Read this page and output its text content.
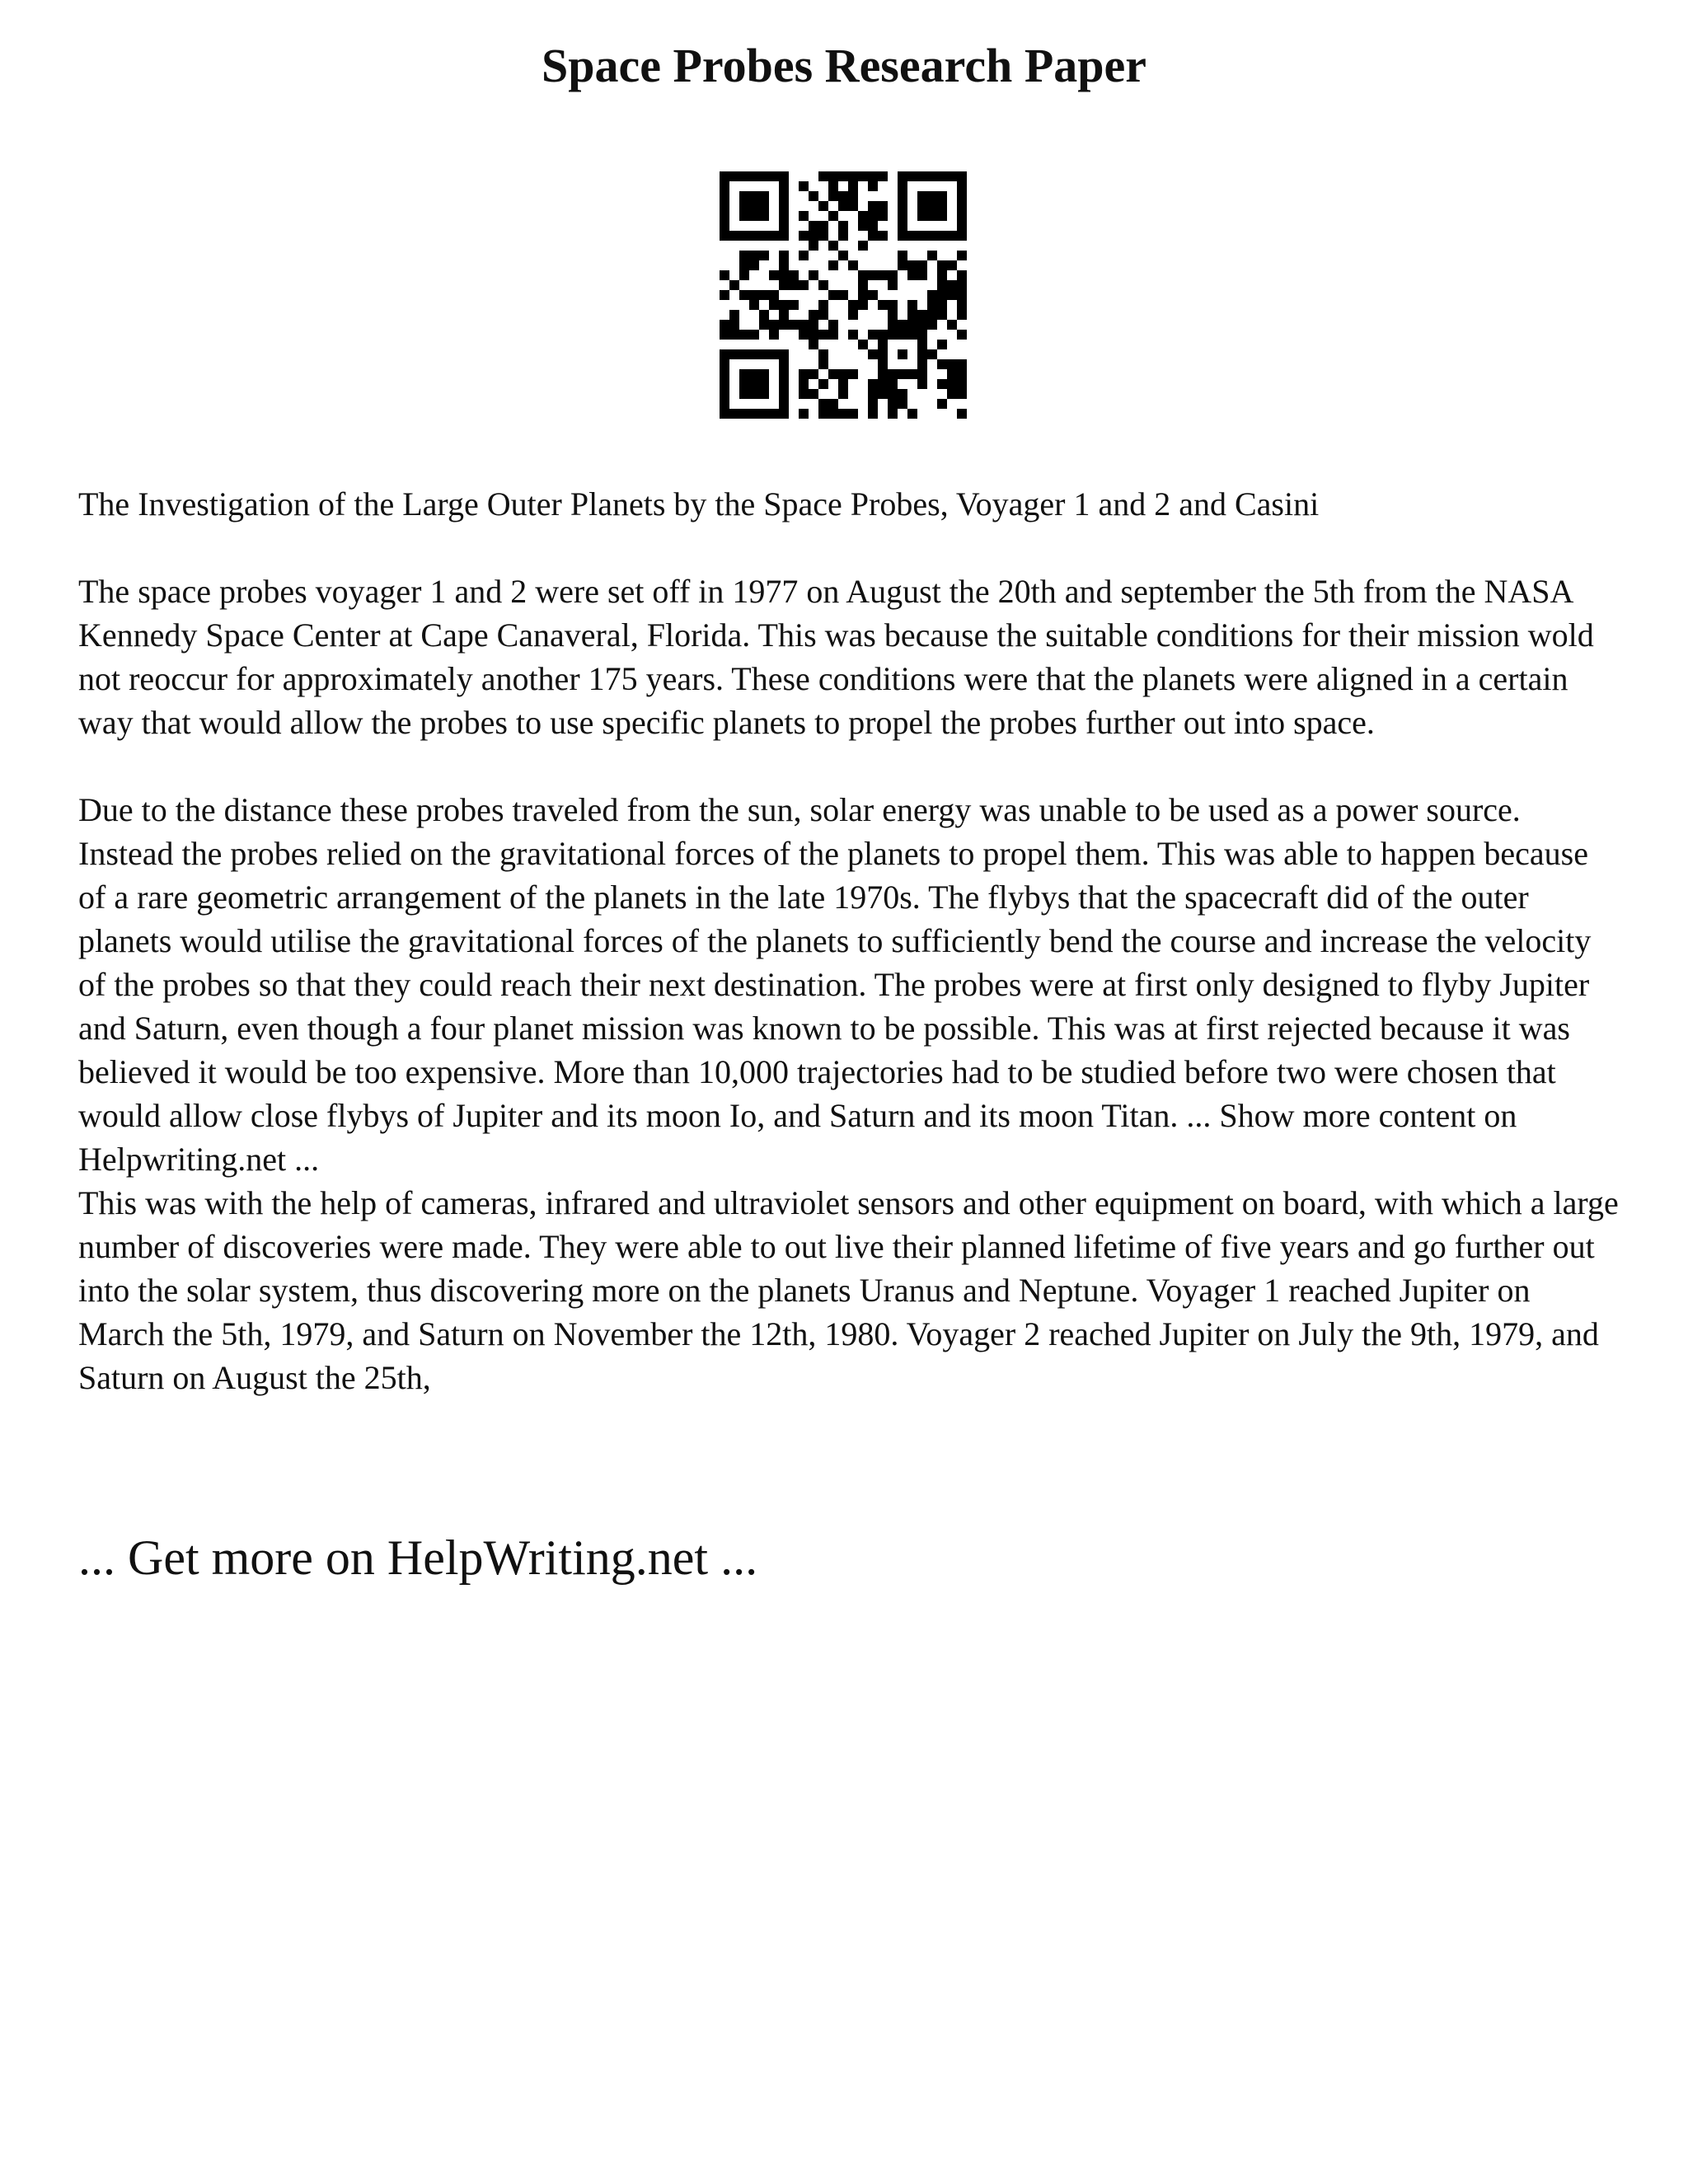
Space Probes Research Paper

The Investigation of the Large Outer Planets by the Space Probes, Voyager 1 and 2 and Casini

The space probes voyager 1 and 2 were set off in 1977 on August the 20th and september the 5th from the NASA Kennedy Space Center at Cape Canaveral, Florida. This was because the suitable conditions for their mission wold not reoccur for approximately another 175 years. These conditions were that the planets were aligned in a certain way that would allow the probes to use specific planets to propel the probes further out into space.

Due to the distance these probes traveled from the sun, solar energy was unable to be used as a power source. Instead the probes relied on the gravitational forces of the planets to propel them. This was able to happen because of a rare geometric arrangement of the planets in the late 1970s. The flybys that the spacecraft did of the outer planets would utilise the gravitational forces of the planets to sufficiently bend the course and increase the velocity of the probes so that they could reach their next destination. The probes were at first only designed to flyby Jupiter and Saturn, even though a four planet mission was known to be possible. This was at first rejected because it was believed it would be too expensive. More than 10,000 trajectories had to be studied before two were chosen that would allow close flybys of Jupiter and its moon Io, and Saturn and its moon Titan. ... Show more content on Helpwriting.net ...

This was with the help of cameras, infrared and ultraviolet sensors and other equipment on board, with which a large number of discoveries were made. They were able to out live their planned lifetime of five years and go further out into the solar system, thus discovering more on the planets Uranus and Neptune. Voyager 1 reached Jupiter on March the 5th, 1979, and Saturn on November the 12th, 1980. Voyager 2 reached Jupiter on July the 9th, 1979, and Saturn on August the 25th,

... Get more on HelpWriting.net ...
